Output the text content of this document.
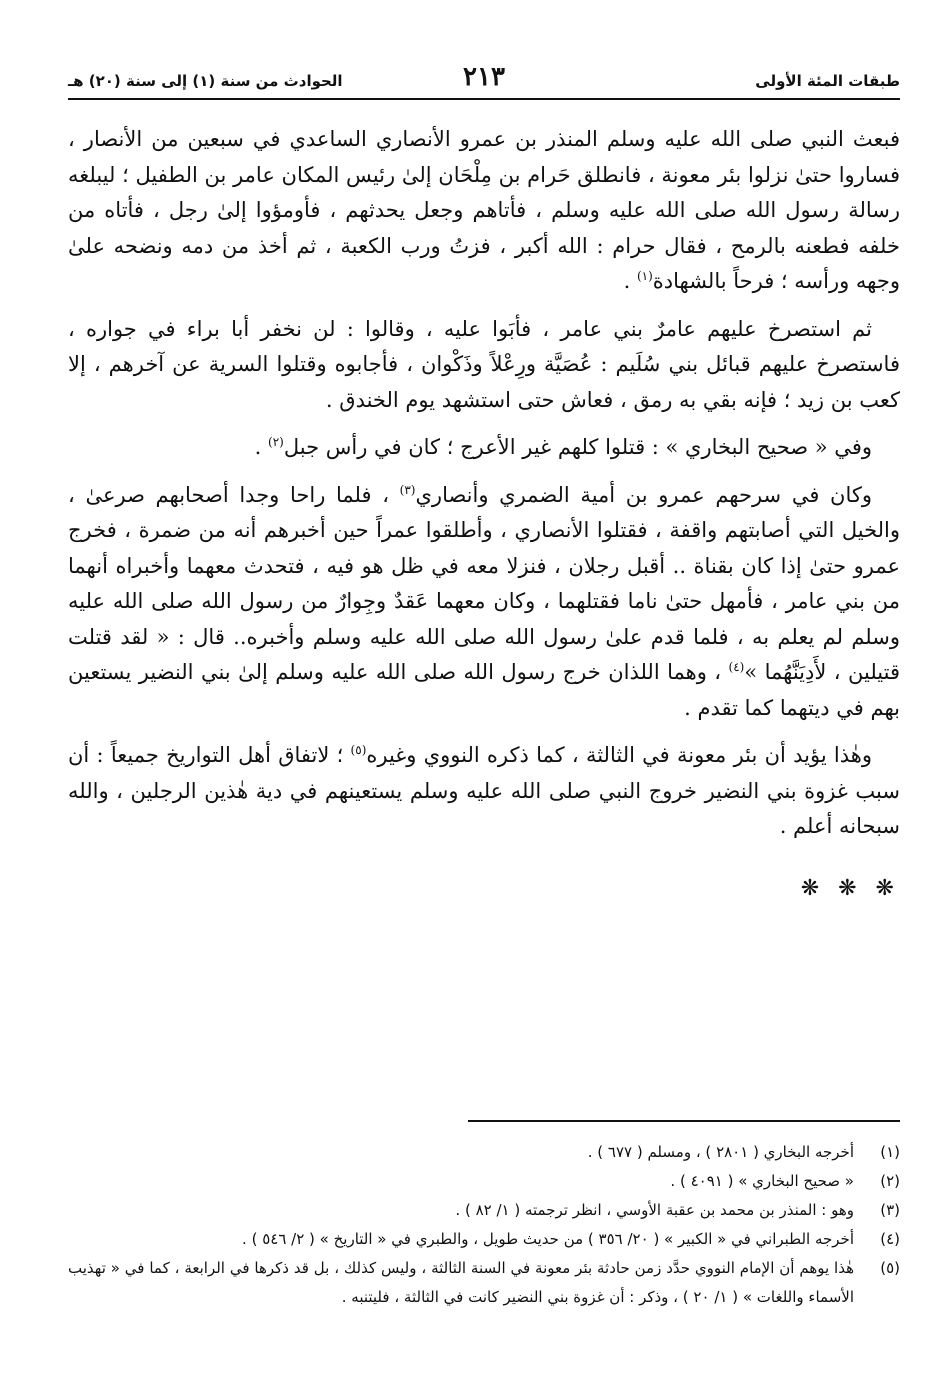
طبقات المئة الأولى
٢١٣
الحوادث من سنة (١) إلى سنة (٢٠) هـ

فبعث النبي صلى الله عليه وسلم المنذر بن عمرو الأنصاري الساعدي في سبعين من الأنصار ، فساروا حتىٰ نزلوا بئر معونة ، فانطلق حَرام بن مِلْحَان إلىٰ رئيس المكان عامر بن الطفيل ؛ ليبلغه رسالة رسول الله صلى الله عليه وسلم ، فأتاهم وجعل يحدثهم ، فأومؤوا إلىٰ رجل ، فأتاه من خلفه فطعنه بالرمح ، فقال حرام : الله أكبر ، فزتُ ورب الكعبة ، ثم أخذ من دمه ونضحه علىٰ وجهه ورأسه ؛ فرحاً بالشهادة$^{(١)}$ .

ثم استصرخ عليهم عامرٌ بني عامر ، فأبَوا عليه ، وقالوا : لن نخفر أبا براء في جواره ، فاستصرخ عليهم قبائل بني سُلَيم : عُصَيَّة ورِعْلاً وذَكْوان ، فأجابوه وقتلوا السرية عن آخرهم ، إلا كعب بن زيد ؛ فإنه بقي به رمق ، فعاش حتى استشهد يوم الخندق .

وفي « صحيح البخاري » : قتلوا كلهم غير الأعرج ؛ كان في رأس جبل$^{(٢)}$ .

وكان في سرحهم عمرو بن أمية الضمري وأنصاري$^{(٣)}$ ، فلما راحا وجدا أصحابهم صرعىٰ ، والخيل التي أصابتهم واقفة ، فقتلوا الأنصاري ، وأطلقوا عمراً حين أخبرهم أنه من ضمرة ، فخرج عمرو حتىٰ إذا كان بقناة .. أقبل رجلان ، فنزلا معه في ظل هو فيه ، فتحدث معهما وأخبراه أنهما من بني عامر ، فأمهل حتىٰ ناما فقتلهما ، وكان معهما عَقدٌ وجِوارٌ من رسول الله صلى الله عليه وسلم لم يعلم به ، فلما قدم علىٰ رسول الله صلى الله عليه وسلم وأخبره.. قال : « لقد قتلت قتيلين ، لأَدِيَنَّهُما »$^{(٤)}$ ، وهما اللذان خرج رسول الله صلى الله عليه وسلم إلىٰ بني النضير يستعين بهم في ديتهما كما تقدم .

وهٰذا يؤيد أن بئر معونة في الثالثة ، كما ذكره النووي وغيره$^{(٥)}$ ؛ لاتفاق أهل التواريخ جميعاً : أن سبب غزوة بني النضير خروج النبي صلى الله عليه وسلم يستعينهم في دية هٰذين الرجلين ، والله سبحانه أعلم .

❋ ❋ ❋
(١)
أخرجه البخاري ( ٢٨٠١ ) ، ومسلم ( ٦٧٧ ) .
(٢)
« صحيح البخاري » ( ٤٠٩١ ) .
(٣)
وهو : المنذر بن محمد بن عقبة الأوسي ، انظر ترجمته ( ١/ ٨٢ ) .
(٤)
أخرجه الطبراني في « الكبير » ( ٢٠/ ٣٥٦ ) من حديث طويل ، والطبري في « التاريخ » ( ٢/ ٥٤٦ ) .
(٥)
هٰذا يوهم أن الإمام النووي حدَّد زمن حادثة بئر معونة في السنة الثالثة ، وليس كذلك ، بل قد ذكرها في الرابعة ، كما في « تهذيب الأسماء واللغات » ( ١/ ٢٠ ) ، وذكر : أن غزوة بني النضير كانت في الثالثة ، فليتنبه .
